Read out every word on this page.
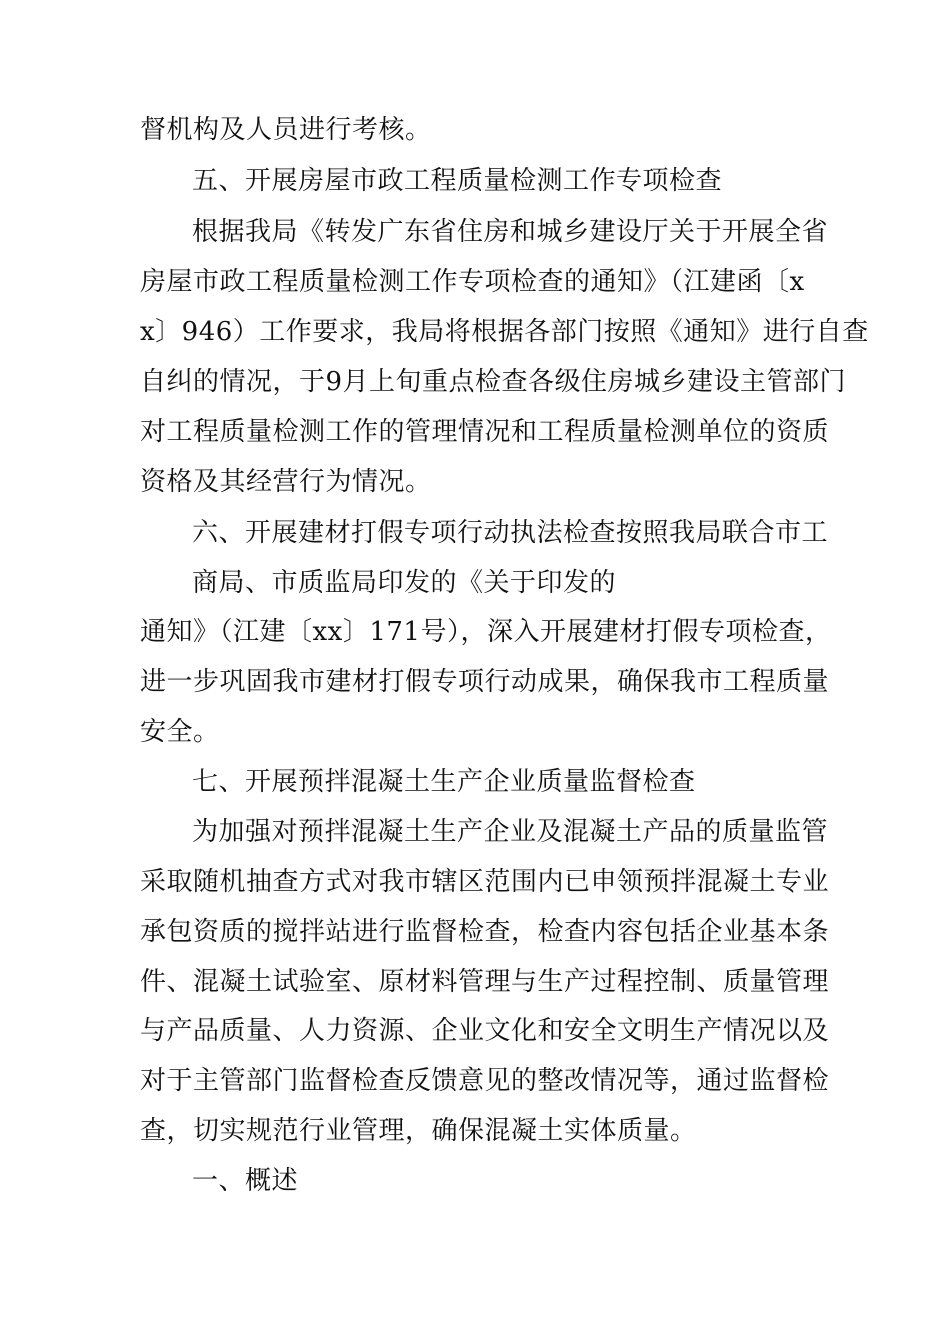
督机构及人员进行考核。
五、开展房屋市政工程质量检测工作专项检查
根据我局《转发广东省住房和城乡建设厅关于开展全省
房屋市政工程质量检测工作专项检查的通知》（江建函〔x
x〕946）工作要求，我局将根据各部门按照《通知》进行自查
自纠的情况，于9月上旬重点检查各级住房城乡建设主管部门
对工程质量检测工作的管理情况和工程质量检测单位的资质
资格及其经营行为情况。
六、开展建材打假专项行动执法检查按照我局联合市工
商局、市质监局印发的《关于印发的
通知》（江建〔xx〕171号），深入开展建材打假专项检查，
进一步巩固我市建材打假专项行动成果，确保我市工程质量
安全。
七、开展预拌混凝土生产企业质量监督检查
为加强对预拌混凝土生产企业及混凝土产品的质量监管
采取随机抽查方式对我市辖区范围内已申领预拌混凝土专业
承包资质的搅拌站进行监督检查，检查内容包括企业基本条
件、混凝土试验室、原材料管理与生产过程控制、质量管理
与产品质量、人力资源、企业文化和安全文明生产情况以及
对于主管部门监督检查反馈意见的整改情况等，通过监督检
查，切实规范行业管理，确保混凝土实体质量。
一、概述
